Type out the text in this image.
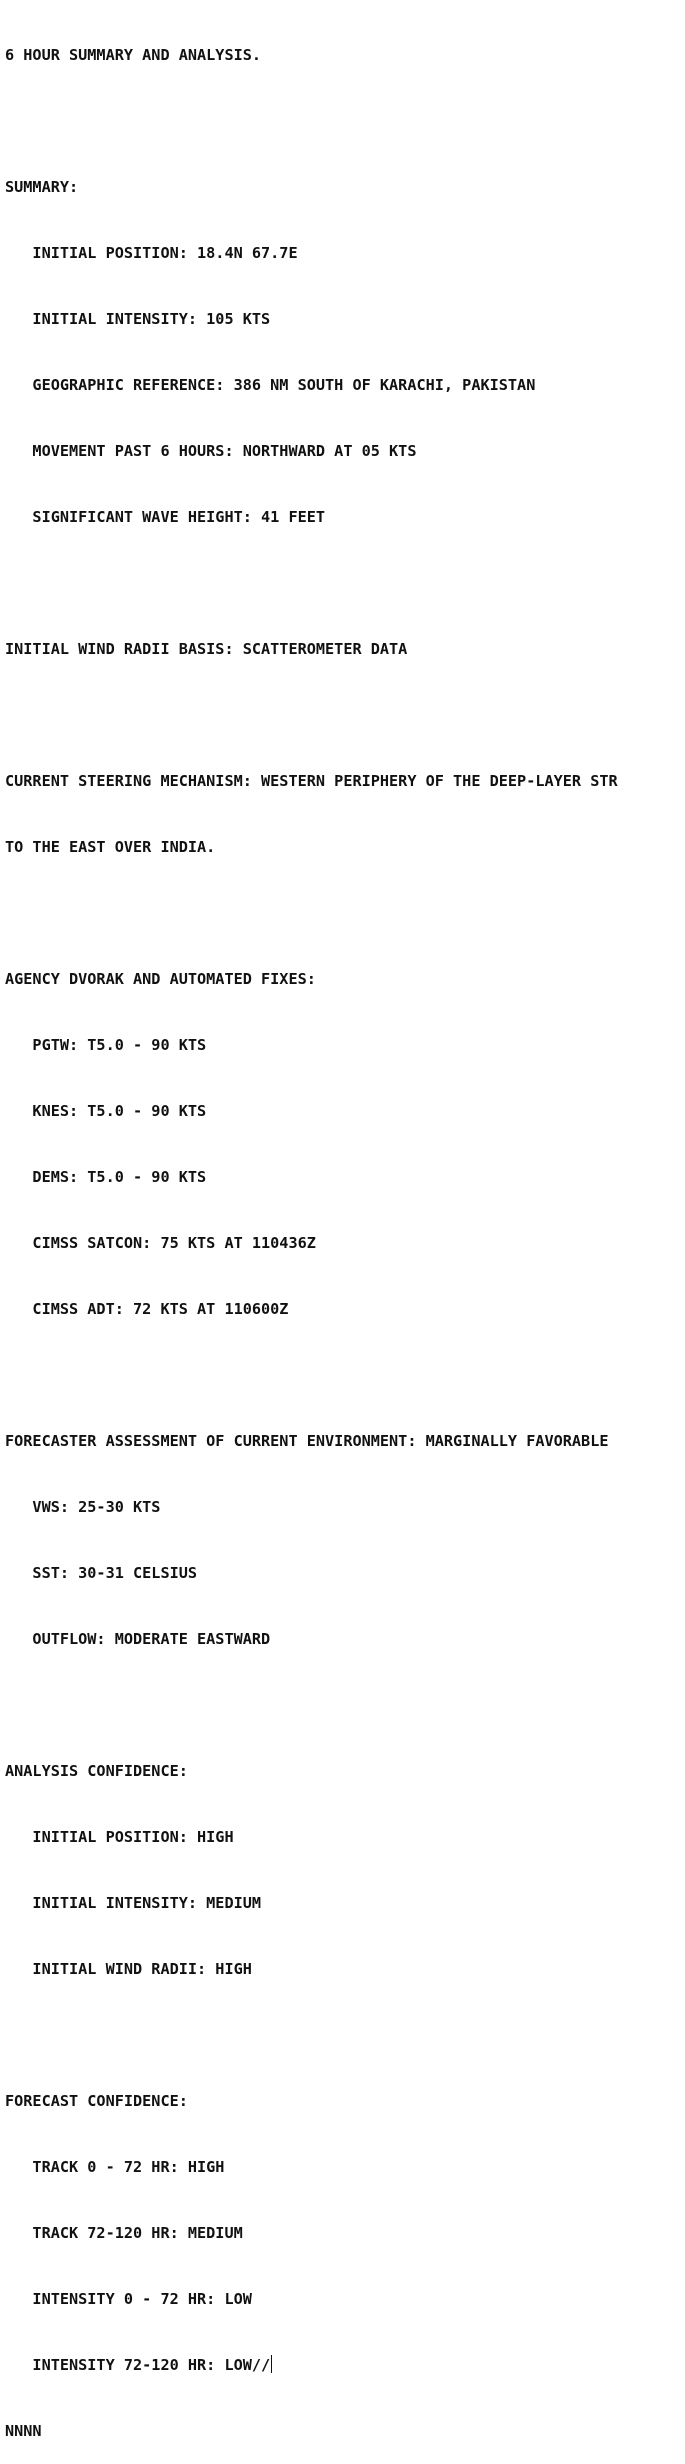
6 HOUR SUMMARY AND ANALYSIS.

SUMMARY:

INITIAL POSITION: 18.4N 67.7E

INITIAL INTENSITY: 105 KTS

GEOGRAPHIC REFERENCE: 386 NM SOUTH OF KARACHI, PAKISTAN

MOVEMENT PAST 6 HOURS: NORTHWARD AT 05 KTS

SIGNIFICANT WAVE HEIGHT: 41 FEET

INITIAL WIND RADII BASIS: SCATTEROMETER DATA

CURRENT STEERING MECHANISM: WESTERN PERIPHERY OF THE DEEP-LAYER STR

TO THE EAST OVER INDIA.

AGENCY DVORAK AND AUTOMATED FIXES:

PGTW: T5.0 - 90 KTS

KNES: T5.0 - 90 KTS

DEMS: T5.0 - 90 KTS

CIMSS SATCON: 75 KTS AT 110436Z

CIMSS ADT: 72 KTS AT 110600Z

FORECASTER ASSESSMENT OF CURRENT ENVIRONMENT: MARGINALLY FAVORABLE

VWS: 25-30 KTS

SST: 30-31 CELSIUS

OUTFLOW: MODERATE EASTWARD

ANALYSIS CONFIDENCE:

INITIAL POSITION: HIGH

INITIAL INTENSITY: MEDIUM

INITIAL WIND RADII: HIGH

FORECAST CONFIDENCE:

TRACK 0 - 72 HR: HIGH

TRACK 72-120 HR: MEDIUM

INTENSITY 0 - 72 HR: LOW

INTENSITY 72-120 HR: LOW//

NNNN
